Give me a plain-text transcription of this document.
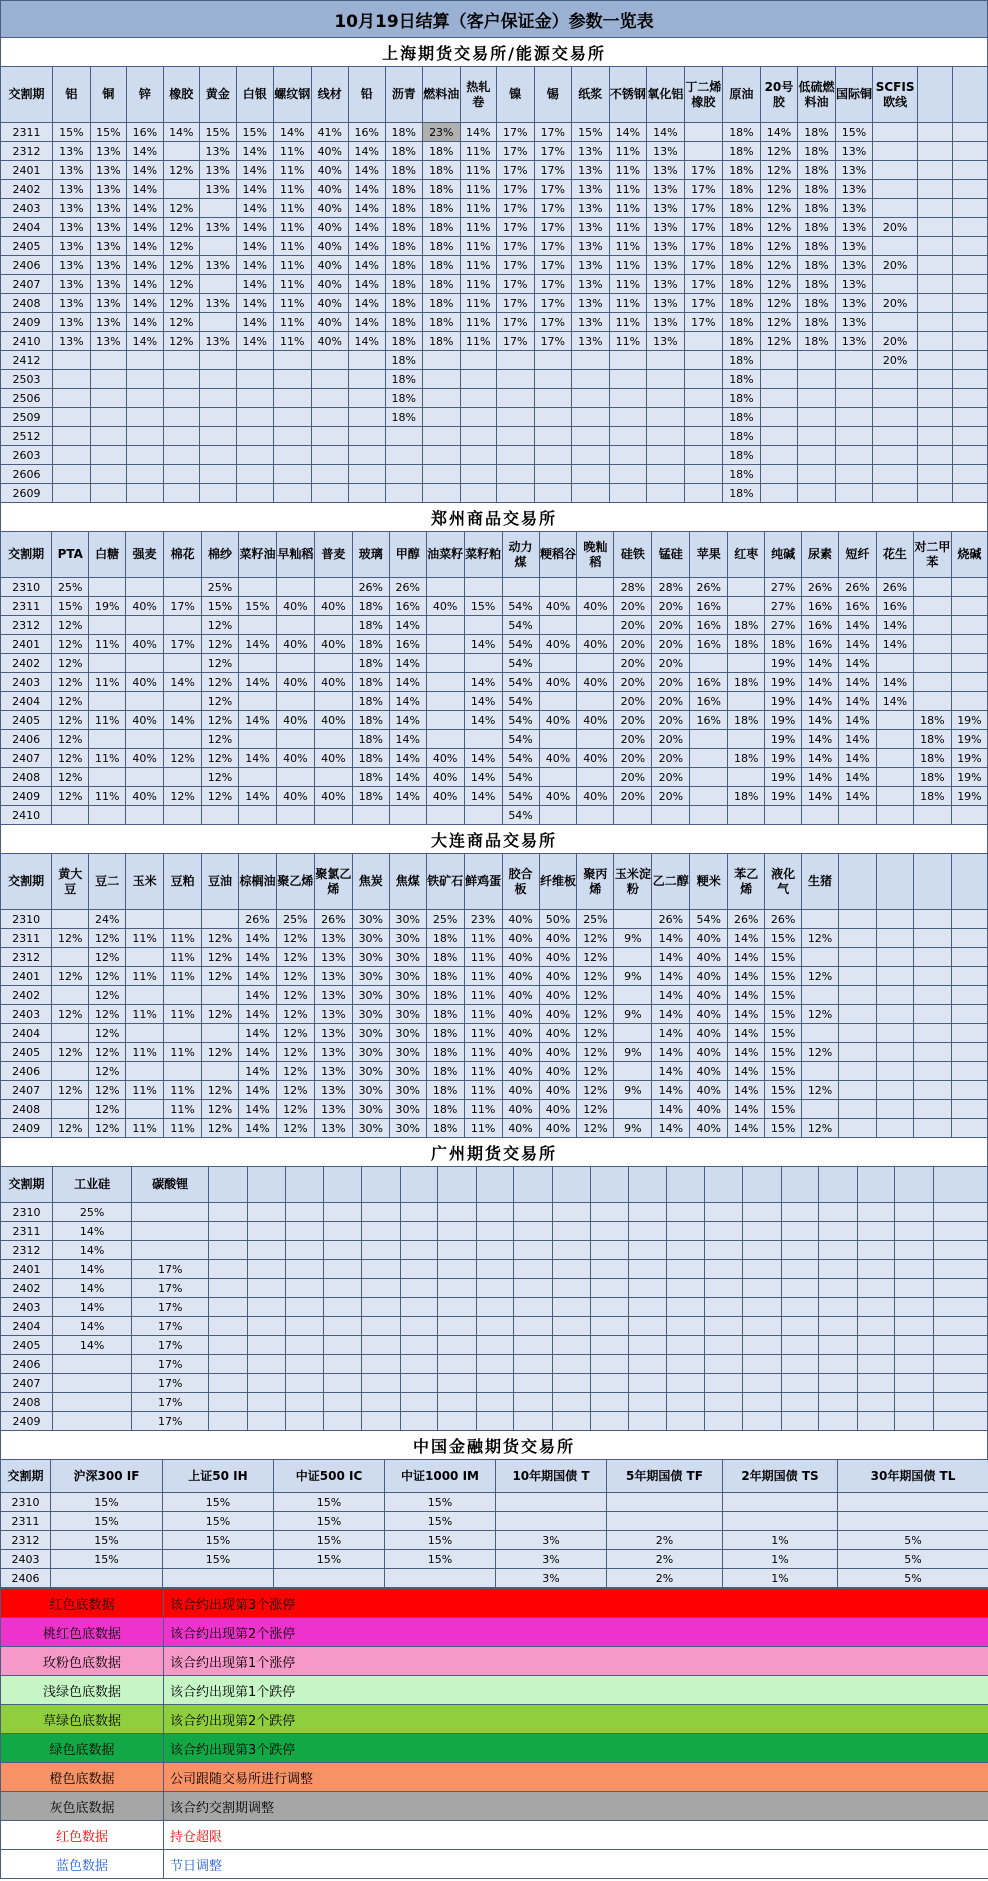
10月19日结算（客户保证金）参数一览表
上海期货交易所/能源交易所
交割期	铝	铜	锌	橡胶	黄金	白银	螺纹钢	线材	铅	沥青	燃料油	热轧卷	镍	锡	纸浆	不锈钢	氧化铝	丁二烯橡胶	原油	20号胶	低硫燃料油	国际铜	SCFIS欧线		
2311	15%	15%	16%	14%	15%	15%	14%	41%	16%	18%	23%	14%	17%	17%	15%	14%	14%		18%	14%	18%	15%			
2312	13%	13%	14%		13%	14%	11%	40%	14%	18%	18%	11%	17%	17%	13%	11%	13%		18%	12%	18%	13%			
2401	13%	13%	14%	12%	13%	14%	11%	40%	14%	18%	18%	11%	17%	17%	13%	11%	13%	17%	18%	12%	18%	13%			
2402	13%	13%	14%		13%	14%	11%	40%	14%	18%	18%	11%	17%	17%	13%	11%	13%	17%	18%	12%	18%	13%			
2403	13%	13%	14%	12%		14%	11%	40%	14%	18%	18%	11%	17%	17%	13%	11%	13%	17%	18%	12%	18%	13%			
2404	13%	13%	14%	12%	13%	14%	11%	40%	14%	18%	18%	11%	17%	17%	13%	11%	13%	17%	18%	12%	18%	13%	20%		
2405	13%	13%	14%	12%		14%	11%	40%	14%	18%	18%	11%	17%	17%	13%	11%	13%	17%	18%	12%	18%	13%			
2406	13%	13%	14%	12%	13%	14%	11%	40%	14%	18%	18%	11%	17%	17%	13%	11%	13%	17%	18%	12%	18%	13%	20%		
2407	13%	13%	14%	12%		14%	11%	40%	14%	18%	18%	11%	17%	17%	13%	11%	13%	17%	18%	12%	18%	13%			
2408	13%	13%	14%	12%	13%	14%	11%	40%	14%	18%	18%	11%	17%	17%	13%	11%	13%	17%	18%	12%	18%	13%	20%		
2409	13%	13%	14%	12%		14%	11%	40%	14%	18%	18%	11%	17%	17%	13%	11%	13%	17%	18%	12%	18%	13%			
2410	13%	13%	14%	12%	13%	14%	11%	40%	14%	18%	18%	11%	17%	17%	13%	11%	13%		18%	12%	18%	13%	20%		
2412										18%									18%				20%		
2503										18%									18%						
2506										18%									18%						
2509										18%									18%						
2512																			18%						
2603																			18%						
2606																			18%						
2609																			18%						
郑州商品交易所
交割期	PTA	白糖	强麦	棉花	棉纱	菜籽油	早籼稻	普麦	玻璃	甲醇	油菜籽	菜籽粕	动力煤	粳稻谷	晚籼稻	硅铁	锰硅	苹果	红枣	纯碱	尿素	短纤	花生	对二甲苯	烧碱
2310	25%				25%				26%	26%						28%	28%	26%		27%	26%	26%	26%		
2311	15%	19%	40%	17%	15%	15%	40%	40%	18%	16%	40%	15%	54%	40%	40%	20%	20%	16%		27%	16%	16%	16%		
2312	12%				12%				18%	14%			54%			20%	20%	16%	18%	27%	16%	14%	14%		
2401	12%	11%	40%	17%	12%	14%	40%	40%	18%	16%		14%	54%	40%	40%	20%	20%	16%	18%	18%	16%	14%	14%		
2402	12%				12%				18%	14%			54%			20%	20%			19%	14%	14%			
2403	12%	11%	40%	14%	12%	14%	40%	40%	18%	14%		14%	54%	40%	40%	20%	20%	16%	18%	19%	14%	14%	14%		
2404	12%				12%				18%	14%		14%	54%			20%	20%	16%		19%	14%	14%	14%		
2405	12%	11%	40%	14%	12%	14%	40%	40%	18%	14%		14%	54%	40%	40%	20%	20%	16%	18%	19%	14%	14%		18%	19%
2406	12%				12%				18%	14%			54%			20%	20%			19%	14%	14%		18%	19%
2407	12%	11%	40%	12%	12%	14%	40%	40%	18%	14%	40%	14%	54%	40%	40%	20%	20%		18%	19%	14%	14%		18%	19%
2408	12%				12%				18%	14%	40%	14%	54%			20%	20%			19%	14%	14%		18%	19%
2409	12%	11%	40%	12%	12%	14%	40%	40%	18%	14%	40%	14%	54%	40%	40%	20%	20%		18%	19%	14%	14%		18%	19%
2410													54%												
大连商品交易所
交割期	黄大豆	豆二	玉米	豆粕	豆油	棕榈油	聚乙烯	聚氯乙烯	焦炭	焦煤	铁矿石	鲜鸡蛋	胶合板	纤维板	聚丙烯	玉米淀粉	乙二醇	粳米	苯乙烯	液化气	生猪				
2310		24%				26%	25%	26%	30%	30%	25%	23%	40%	50%	25%		26%	54%	26%	26%					
2311	12%	12%	11%	11%	12%	14%	12%	13%	30%	30%	18%	11%	40%	40%	12%	9%	14%	40%	14%	15%	12%				
2312		12%		11%	12%	14%	12%	13%	30%	30%	18%	11%	40%	40%	12%		14%	40%	14%	15%					
2401	12%	12%	11%	11%	12%	14%	12%	13%	30%	30%	18%	11%	40%	40%	12%	9%	14%	40%	14%	15%	12%				
2402		12%				14%	12%	13%	30%	30%	18%	11%	40%	40%	12%		14%	40%	14%	15%					
2403	12%	12%	11%	11%	12%	14%	12%	13%	30%	30%	18%	11%	40%	40%	12%	9%	14%	40%	14%	15%	12%				
2404		12%				14%	12%	13%	30%	30%	18%	11%	40%	40%	12%		14%	40%	14%	15%					
2405	12%	12%	11%	11%	12%	14%	12%	13%	30%	30%	18%	11%	40%	40%	12%	9%	14%	40%	14%	15%	12%				
2406		12%				14%	12%	13%	30%	30%	18%	11%	40%	40%	12%		14%	40%	14%	15%					
2407	12%	12%	11%	11%	12%	14%	12%	13%	30%	30%	18%	11%	40%	40%	12%	9%	14%	40%	14%	15%	12%				
2408		12%		11%	12%	14%	12%	13%	30%	30%	18%	11%	40%	40%	12%		14%	40%	14%	15%					
2409	12%	12%	11%	11%	12%	14%	12%	13%	30%	30%	18%	11%	40%	40%	12%	9%	14%	40%	14%	15%	12%				
广州期货交易所
交割期	工业硅	碳酸锂																				
2310	25%																					
2311	14%																					
2312	14%																					
2401	14%	17%																				
2402	14%	17%																				
2403	14%	17%																				
2404	14%	17%																				
2405	14%	17%																				
2406		17%																				
2407		17%																				
2408		17%																				
2409		17%																				
中国金融期货交易所
交割期	沪深300 IF	上证50 IH	中证500 IC	中证1000 IM	10年期国债 T	5年期国债 TF	2年期国债 TS	30年期国债 TL
2310	15%	15%	15%	15%				
2311	15%	15%	15%	15%				
2312	15%	15%	15%	15%	3%	2%	1%	5%
2403	15%	15%	15%	15%	3%	2%	1%	5%
2406					3%	2%	1%	5%
红色底数据	该合约出现第3个涨停
桃红色底数据	该合约出现第2个涨停
玫粉色底数据	该合约出现第1个涨停
浅绿色底数据	该合约出现第1个跌停
草绿色底数据	该合约出现第2个跌停
绿色底数据	该合约出现第3个跌停
橙色底数据	公司跟随交易所进行调整
灰色底数据	该合约交割期调整
红色数据	持仓超限
蓝色数据	节日调整
